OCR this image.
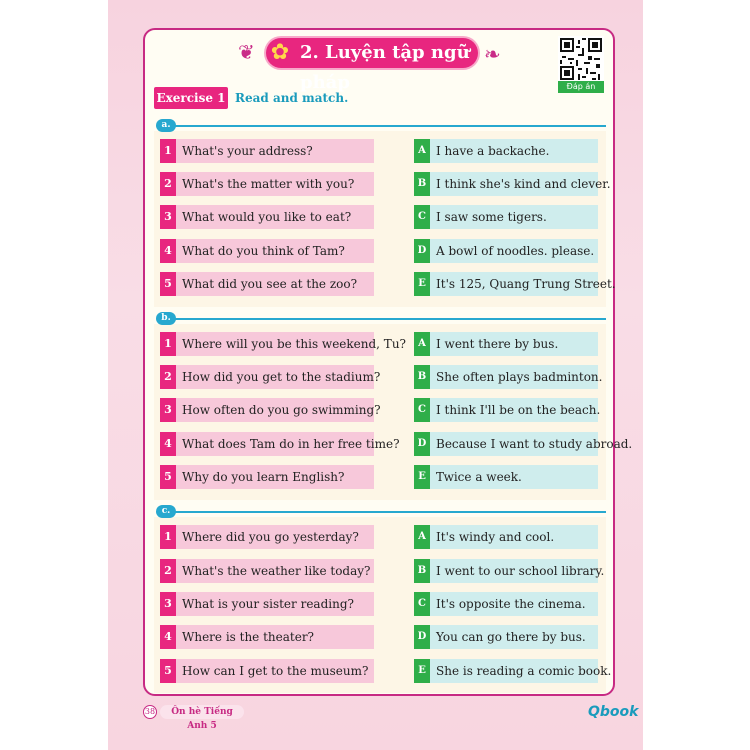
❦	2. Luyện tập ngữ pháp
✿	❧
Đáp án
Exercise 1 Read and match.
a.
1 What's your address?
2 What's the matter with you?
3 What would you like to eat?
4 What do you think of Tam?
5 What did you see at the zoo?
A I have a backache.
B I think she's kind and clever.
C I saw some tigers.
D A bowl of noodles. please.
E It's 125, Quang Trung Street.
b.
1 Where will you be this weekend, Tu?
2 How did you get to the stadium?
3 How often do you go swimming?
4 What does Tam do in her free time?
5 Why do you learn English?
A I went there by bus.
B She often plays badminton.
C I think I'll be on the beach.
D Because I want to study abroad.
E Twice a week.
c.
1 Where did you go yesterday?
2 What's the weather like today?
3 What is your sister reading?
4 Where is the theater?
5 How can I get to the museum?
A It's windy and cool.
B I went to our school library.
C It's opposite the cinema.
D You can go there by bus.
E She is reading a comic book.
38	Ôn hè Tiếng Anh 5
Qbook
